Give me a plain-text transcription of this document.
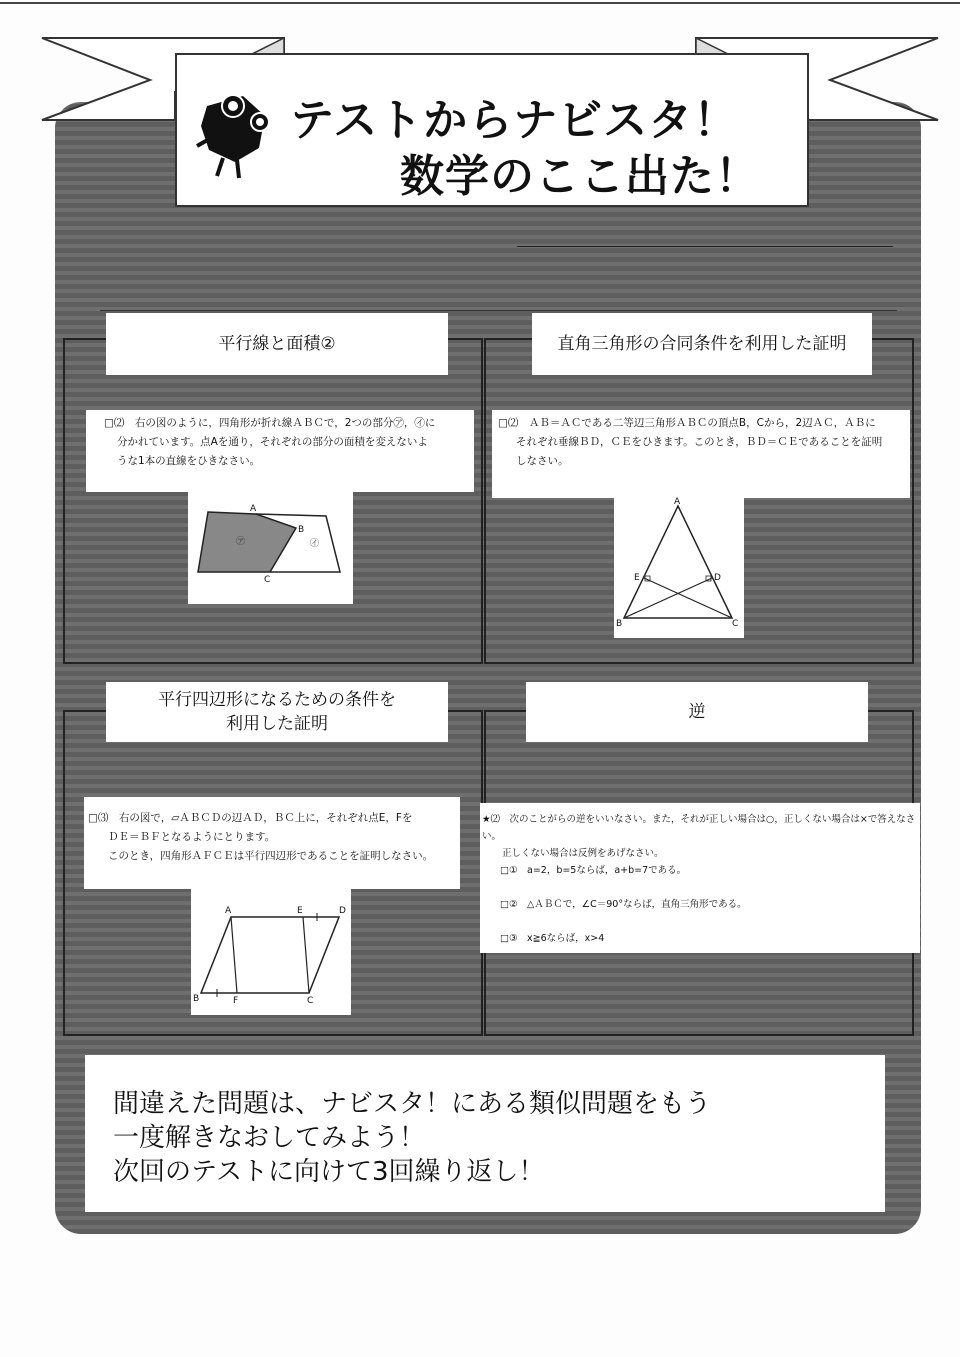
テストからナビスタ！
数学のここ出た！
平行線と面積②	直角三角形の合同条件を利用した証明
平行四辺形になるための条件を
利用した証明
逆

□⑵　 右の図のように，四角形が折れ線ＡＢＣで，2つの部分㋐，㋑に

分かれています。点Aを通り，それぞれの部分の面積を変えないよ

うな1本の直線をひきなさい。

A
B
C
㋐	㋑

□⑵　 ＡＢ＝ＡＣである二等辺三角形ＡＢＣの頂点B，Cから，2辺ＡＣ，ＡＢに

それぞれ垂線ＢＤ，ＣＥをひきます。このとき，ＢＤ＝ＣＥであることを証明

しなさい。

A
B	C
D
E

□⑶　 右の図で，▱ＡＢＣＤの辺ＡＤ，ＢＣ上に，それぞれ点E，Fを

ＤＥ＝ＢＦとなるようにとります。

このとき，四角形ＡＦＣＥは平行四辺形であることを証明しなさい。

A
B	C
D
E
F

★⑵　 次のことがらの逆をいいなさい。また，それが正しい場合は○，正しくない場合は×で答えなさい。

正しくない場合は反例をあげなさい。

□①　a=2，b=5ならば，a+b=7である。

□②　△ＡＢＣで，∠C＝90°ならば，直角三角形である。

□③　x≧6ならば，x>4

間違えた問題は、ナビスタ！にある類似問題をもう

一度解きなおしてみよう！

次回のテストに向けて3回繰り返し！
